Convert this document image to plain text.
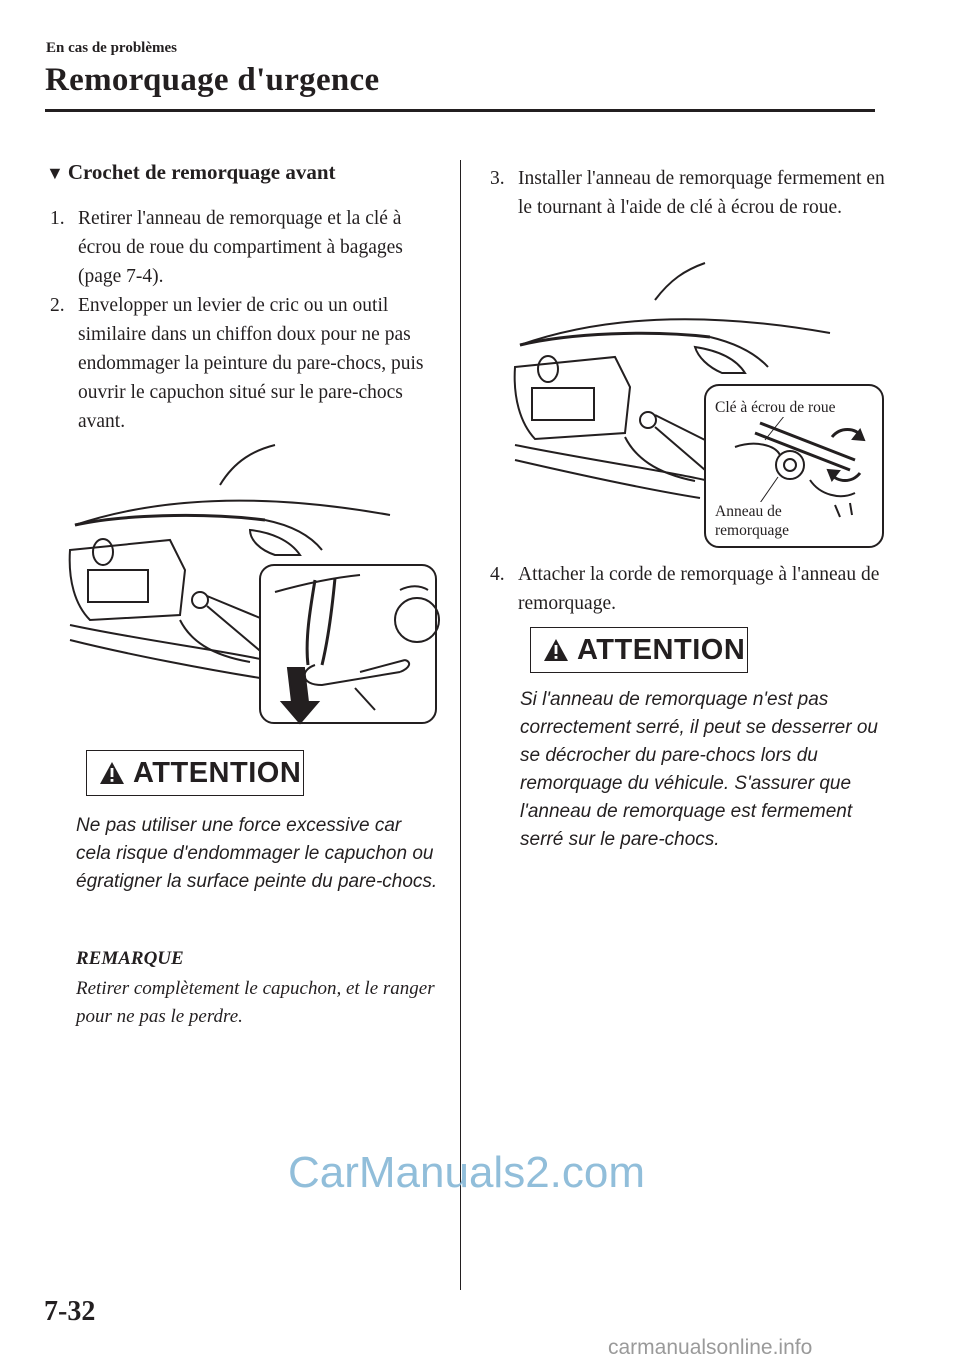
En cas de problèmes
Remorquage d'urgence
▼ Crochet de remorquage avant
1. Retirer l'anneau de remorquage et la clé à écrou de roue du compartiment à bagages (page 7-4).
2. Envelopper un levier de cric ou un outil similaire dans un chiffon doux pour ne pas endommager la peinture du pare-chocs, puis ouvrir le capuchon situé sur le pare-chocs avant.
ATTENTION
Ne pas utiliser une force excessive car cela risque d'endommager le capuchon ou égratigner la surface peinte du pare-chocs.
REMARQUE
Retirer complètement le capuchon, et le ranger pour ne pas le perdre.
3. Installer l'anneau de remorquage fermement en le tournant à l'aide de clé à écrou de roue.
Clé à écrou de roue
Anneau de remorquage
4. Attacher la corde de remorquage à l'anneau de remorquage.
ATTENTION
Si l'anneau de remorquage n'est pas correctement serré, il peut se desserrer ou se décrocher du pare-chocs lors du remorquage du véhicule. S'assurer que l'anneau de remorquage est fermement serré sur le pare-chocs.
CarManuals2.com
7-32
carmanualsonline.info
